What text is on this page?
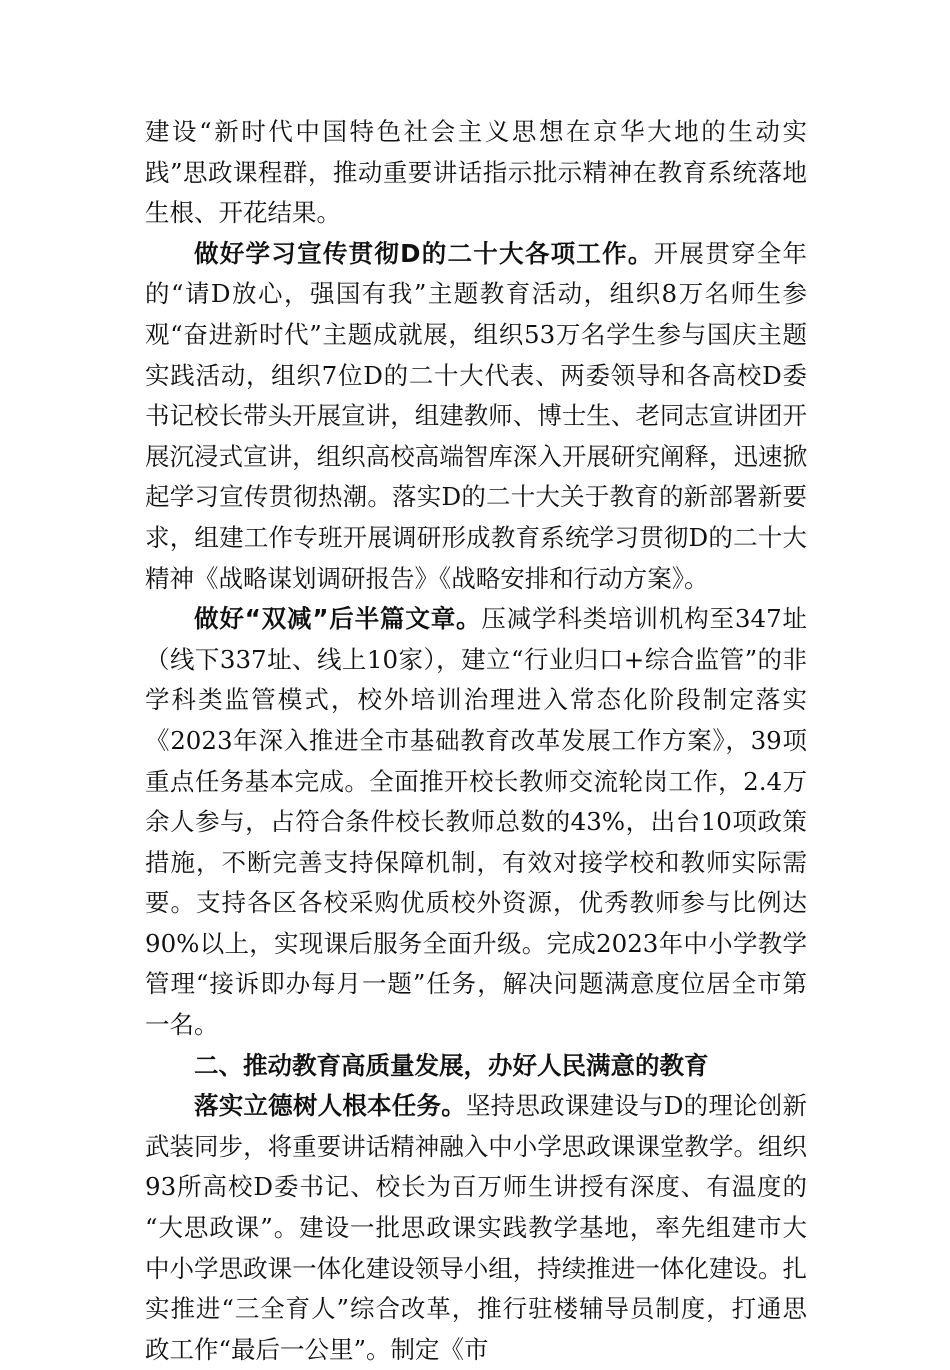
建设“新时代中国特色社会主义思想在京华大地的生动实践”思政课程群，推动重要讲话指示批示精神在教育系统落地生根、开花结果。

做好学习宣传贯彻D的二十大各项工作。开展贯穿全年的“请D放心，强国有我”主题教育活动，组织8万名师生参观“奋进新时代”主题成就展，组织53万名学生参与国庆主题实践活动，组织7位D的二十大代表、两委领导和各高校D委书记校长带头开展宣讲，组建教师、博士生、老同志宣讲团开展沉浸式宣讲，组织高校高端智库深入开展研究阐释，迅速掀起学习宣传贯彻热潮。落实D的二十大关于教育的新部署新要求，组建工作专班开展调研形成教育系统学习贯彻D的二十大精神《战略谋划调研报告》《战略安排和行动方案》。

做好“双减”后半篇文章。压减学科类培训机构至347址（线下337址、线上10家），建立“行业归口+综合监管”的非学科类监管模式，校外培训治理进入常态化阶段制定落实《2023年深入推进全市基础教育改革发展工作方案》，39项重点任务基本完成。全面推开校长教师交流轮岗工作，2.4万余人参与，占符合条件校长教师总数的43%，出台10项政策措施，不断完善支持保障机制，有效对接学校和教师实际需要。支持各区各校采购优质校外资源，优秀教师参与比例达90%以上，实现课后服务全面升级。完成2023年中小学教学管理“接诉即办每月一题”任务，解决问题满意度位居全市第一名。

二、推动教育高质量发展，办好人民满意的教育

落实立德树人根本任务。坚持思政课建设与D的理论创新武装同步，将重要讲话精神融入中小学思政课课堂教学。组织93所高校D委书记、校长为百万师生讲授有深度、有温度的 “大思政课”。建设一批思政课实践教学基地，率先组建市大中小学思政课一体化建设领导小组，持续推进一体化建设。扎实推进“三全育人”综合改革，推行驻楼辅导员制度，打通思政工作“最后一公里”。制定《市
